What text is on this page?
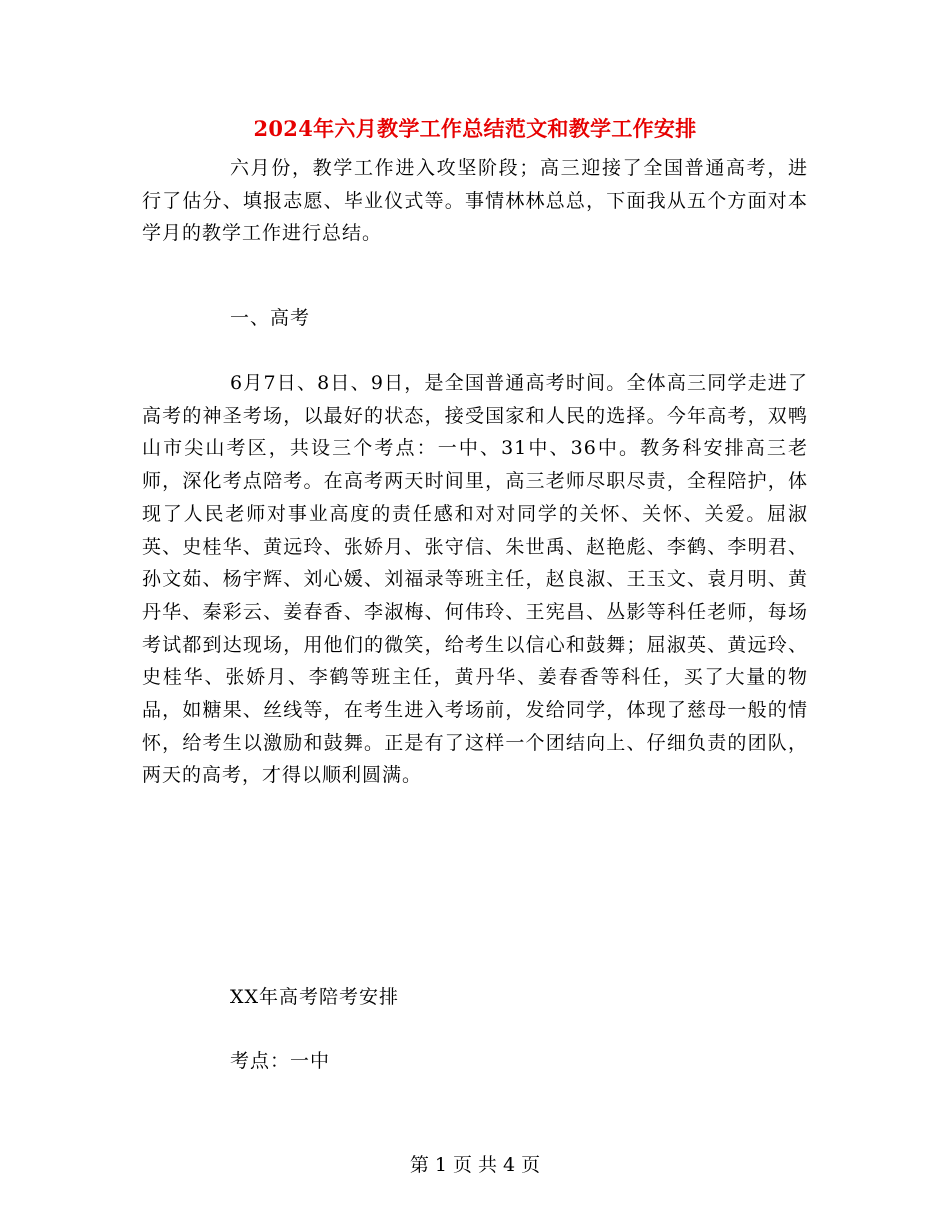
2024年六月教学工作总结范文和教学工作安排
六月份，教学工作进入攻坚阶段；高三迎接了全国普通高考，进行了估分、填报志愿、毕业仪式等。事情林林总总，下面我从五个方面对本学月的教学工作进行总结。
一、高考
6月7日、8日、9日，是全国普通高考时间。全体高三同学走进了高考的神圣考场，以最好的状态，接受国家和人民的选择。今年高考，双鸭山市尖山考区，共设三个考点：一中、31中、36中。教务科安排高三老师，深化考点陪考。在高考两天时间里，高三老师尽职尽责，全程陪护，体现了人民老师对事业高度的责任感和对对同学的关怀、关怀、关爱。屈淑英、史桂华、黄远玲、张娇月、张守信、朱世禹、赵艳彪、李鹤、李明君、孙文茹、杨宇辉、刘心媛、刘福录等班主任，赵良淑、王玉文、袁月明、黄丹华、秦彩云、姜春香、李淑梅、何伟玲、王宪昌、丛影等科任老师，每场考试都到达现场，用他们的微笑，给考生以信心和鼓舞；屈淑英、黄远玲、史桂华、张娇月、李鹤等班主任，黄丹华、姜春香等科任，买了大量的物品，如糖果、丝线等，在考生进入考场前，发给同学，体现了慈母一般的情怀，给考生以激励和鼓舞。正是有了这样一个团结向上、仔细负责的团队，两天的高考，才得以顺利圆满。
XX年高考陪考安排
考点：一中
第 1 页 共 4 页
